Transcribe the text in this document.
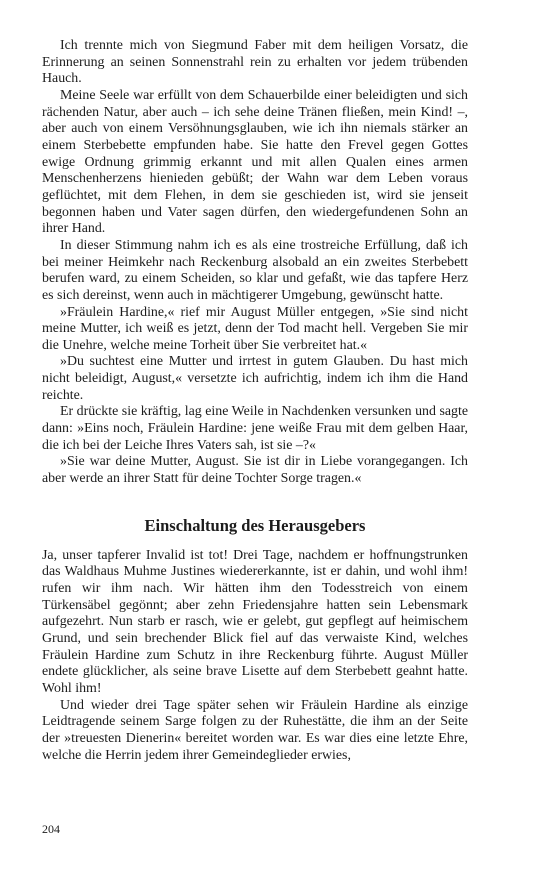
Ich trennte mich von Siegmund Faber mit dem heiligen Vorsatz, die Erinnerung an seinen Sonnenstrahl rein zu erhalten vor jedem trübenden Hauch.

Meine Seele war erfüllt von dem Schauerbilde einer beleidigten und sich rächenden Natur, aber auch – ich sehe deine Tränen fließen, mein Kind! –, aber auch von einem Versöhnungsglauben, wie ich ihn niemals stärker an einem Sterbebette empfunden habe. Sie hatte den Frevel gegen Gottes ewige Ordnung grimmig erkannt und mit allen Qualen eines armen Menschenherzens hienieden gebüßt; der Wahn war dem Leben voraus geflüchtet, mit dem Flehen, in dem sie geschieden ist, wird sie jenseit begonnen haben und Vater sagen dürfen, den wiedergefundenen Sohn an ihrer Hand.

In dieser Stimmung nahm ich es als eine trostreiche Erfüllung, daß ich bei meiner Heimkehr nach Reckenburg alsobald an ein zweites Sterbebett berufen ward, zu einem Scheiden, so klar und gefaßt, wie das tapfere Herz es sich dereinst, wenn auch in mächtigerer Umgebung, gewünscht hatte.

»Fräulein Hardine,« rief mir August Müller entgegen, »Sie sind nicht meine Mutter, ich weiß es jetzt, denn der Tod macht hell. Vergeben Sie mir die Unehre, welche meine Torheit über Sie verbreitet hat.«

»Du suchtest eine Mutter und irrtest in gutem Glauben. Du hast mich nicht beleidigt, August,« versetzte ich aufrichtig, indem ich ihm die Hand reichte.

Er drückte sie kräftig, lag eine Weile in Nachdenken versunken und sagte dann: »Eins noch, Fräulein Hardine: jene weiße Frau mit dem gelben Haar, die ich bei der Leiche Ihres Vaters sah, ist sie –?«

»Sie war deine Mutter, August. Sie ist dir in Liebe vorangegangen. Ich aber werde an ihrer Statt für deine Tochter Sorge tragen.«

Einschaltung des Herausgebers

Ja, unser tapferer Invalid ist tot! Drei Tage, nachdem er hoffnungstrunken das Waldhaus Muhme Justines wiedererkannte, ist er dahin, und wohl ihm! rufen wir ihm nach. Wir hätten ihm den Todesstreich von einem Türkensäbel gegönnt; aber zehn Friedensjahre hatten sein Lebensmark aufgezehrt. Nun starb er rasch, wie er gelebt, gut gepflegt auf heimischem Grund, und sein brechender Blick fiel auf das verwaiste Kind, welches Fräulein Hardine zum Schutz in ihre Reckenburg führte. August Müller endete glücklicher, als seine brave Lisette auf dem Sterbebett geahnt hatte. Wohl ihm!

Und wieder drei Tage später sehen wir Fräulein Hardine als einzige Leidtragende seinem Sarge folgen zu der Ruhestätte, die ihm an der Seite der »treuesten Dienerin« bereitet worden war. Es war dies eine letzte Ehre, welche die Herrin jedem ihrer Gemeindeglieder erwies,

204
